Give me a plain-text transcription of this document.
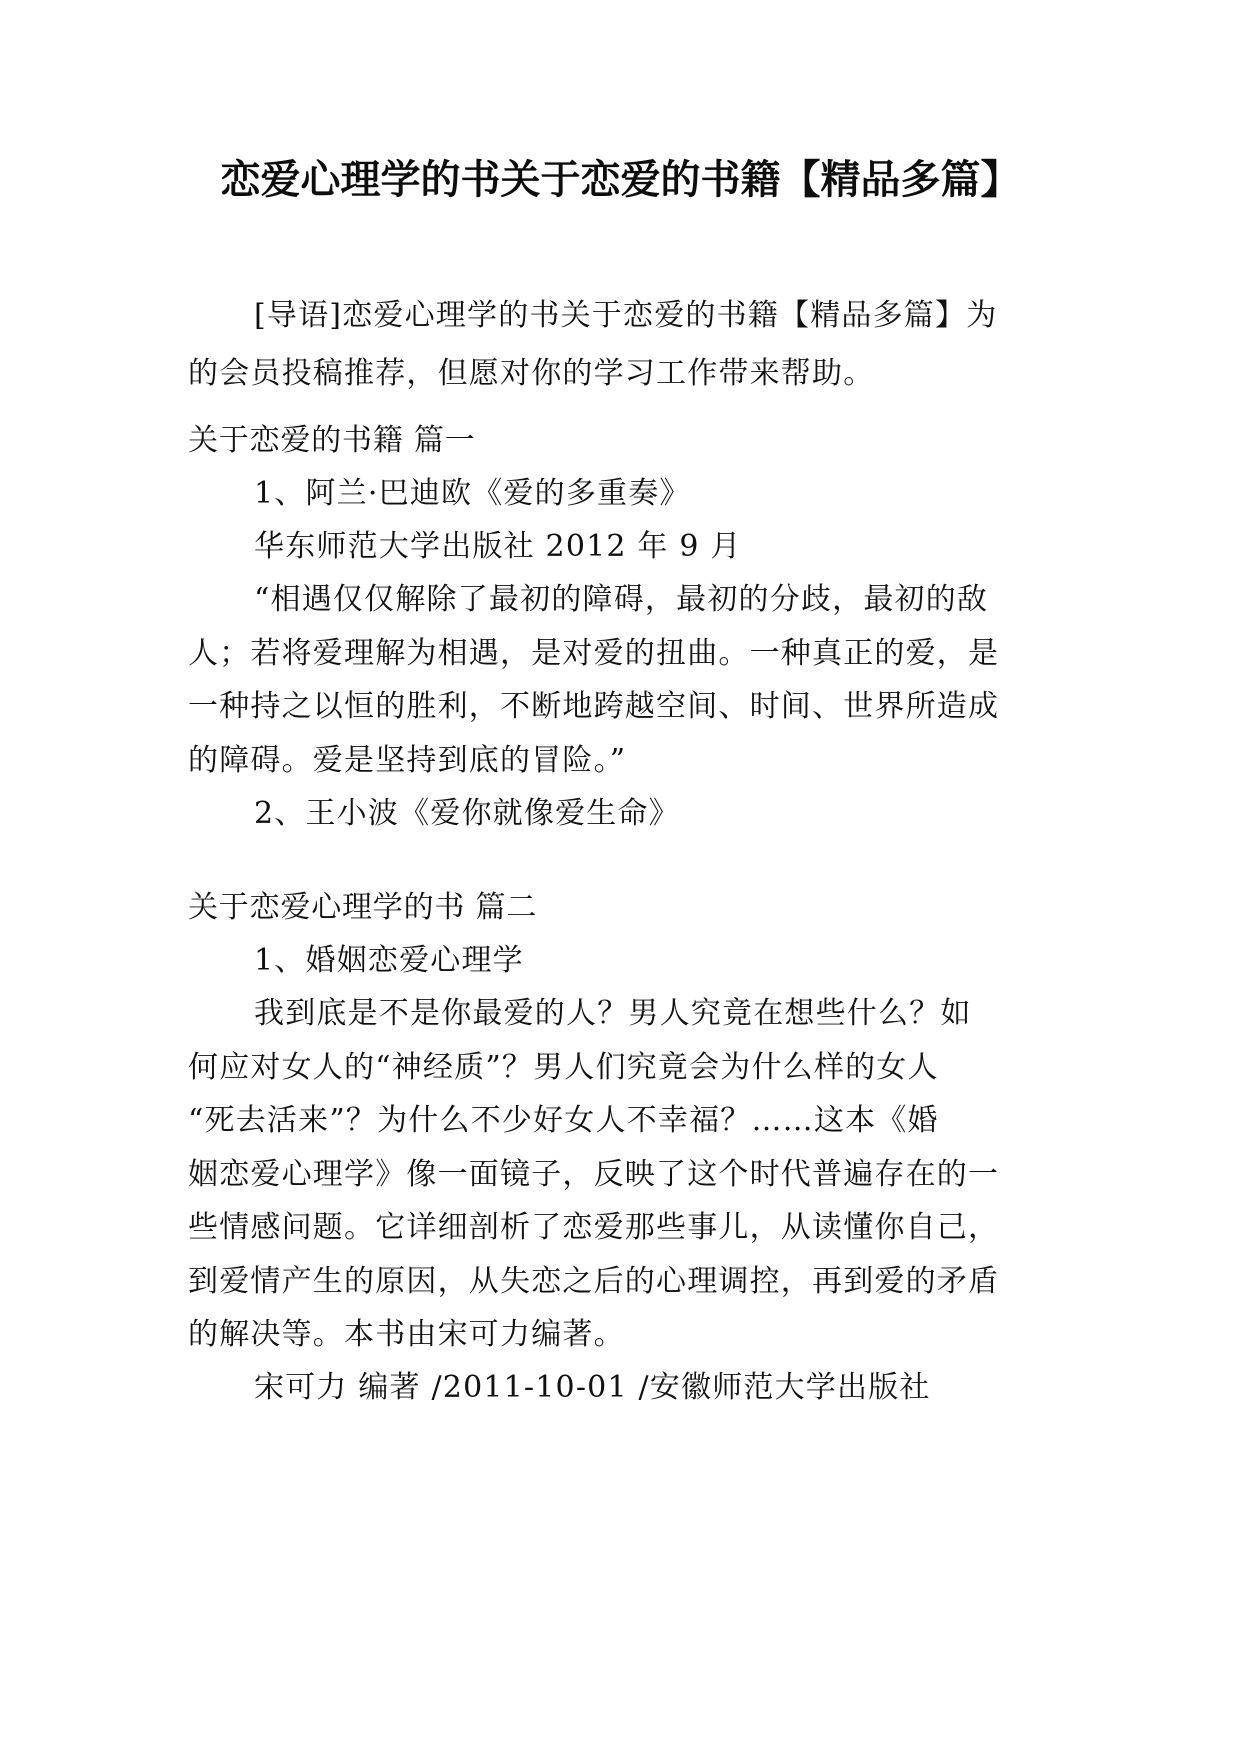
恋爱心理学的书关于恋爱的书籍【精品多篇】

[导语]恋爱心理学的书关于恋爱的书籍【精品多篇】为
的会员投稿推荐，但愿对你的学习工作带来帮助。

关于恋爱的书籍 篇一
1、阿兰·巴迪欧《爱的多重奏》
华东师范大学出版社 2012 年 9 月
“相遇仅仅解除了最初的障碍，最初的分歧，最初的敌
人；若将爱理解为相遇，是对爱的扭曲。一种真正的爱，是
一种持之以恒的胜利，不断地跨越空间、时间、世界所造成
的障碍。爱是坚持到底的冒险。”
2、王小波《爱你就像爱生命》
关于恋爱心理学的书 篇二
1、婚姻恋爱心理学
我到底是不是你最爱的人？男人究竟在想些什么？如
何应对女人的“神经质”？男人们究竟会为什么样的女人
“死去活来”？为什么不少好女人不幸福？……这本《婚
姻恋爱心理学》像一面镜子，反映了这个时代普遍存在的一
些情感问题。它详细剖析了恋爱那些事儿，从读懂你自己，
到爱情产生的原因，从失恋之后的心理调控，再到爱的矛盾
的解决等。本书由宋可力编著。
宋可力 编著 /2011-10-01 /安徽师范大学出版社
